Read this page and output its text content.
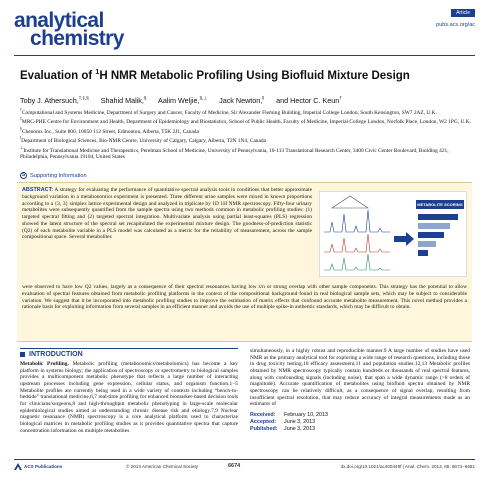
analytical
chemistry
Article
pubs.acs.org/ac
Evaluation of $^1$H NMR Metabolic Profiling Using Biofluid Mixture Design
Toby J. Athersuch,†,‡,§ Shahid Malik,§ Aalim Weljie,§,⊥ Jack Newton,‖ and Hector C. Keun†
†Computational and Systems Medicine, Department of Surgery and Cancer, Faculty of Medicine, Sir Alexander Fleming Building, Imperial College London, South Kensington, SW7 2AZ, U.K.
‡MRC-PHE Centre for Environment and Health, Department of Epidemiology and Biostatistics, School of Public Health, Faculty of Medicine, Imperial College London, Norfolk Place, London, W2 1PG, U.K.
§Chenomx Inc., Suite 800, 10050 112 Street, Edmonton, Alberta, T5K 2J1, Canada
‖Department of Biological Sciences, Bio-NMR Centre, University of Calgary, Calgary, Alberta, T2N 1N4, Canada
⊥Institute for Translational Medicine and Therapeutics, Perelman School of Medicine, University of Pennsylvania, 10-113 Translational Research Center, 3400 Civic Center Boulevard, Building 421, Philadelphia, Pennsylvania 19104, United States
S Supporting Information
ABSTRACT: A strategy for evaluating the performance of quantitative spectral analysis tools in conditions that better approximate background variation in a metabonomics experiment is presented. Three different urine samples were mixed in known proportions according to a {3, 3} simplex lattice experimental design and analyzed in triplicate by 1D 1H NMR spectroscopy. Fifty-four urinary metabolites were subsequently quantified from the sample spectra using two methods common in metabolic profiling studies: (1) targeted spectral fitting and (2) targeted spectral integration. Multivariate analysis using partial least-squares (PLS) regression showed the latent structure of the spectral set recapitulated the experimental mixture design. The goodness-of-prediction statistic (Q2) of each metabolite variable in a PLS model was calculated as a metric for the reliability of measurement, across the sample compositional space. Several metabolites
METABOLITE SCORING
were observed to have low Q2 values, largely as a consequence of their spectral resonances having low s/n or strong overlap with other sample components. This strategy has the potential to allow evaluation of spectral features obtained from metabolic profiling platforms in the context of the compositional background found in real biological sample sets, which may be subject to considerable variation. We suggest that it be incorporated into metabolic profiling studies to improve the estimation of matrix effects that confound accurate metabolite measurement. This novel method provides a rationale basis for exploiting information from several samples in an efficient manner and avoids the use of multiple spike-in authentic standards, which may be difficult to obtain.
INTRODUCTION
Metabolic Profiling. Metabolic profiling (metabonomics/metabolomics) has become a key platform in systems biology; the application of spectroscopy or spectrometry to biological samples provides a multicomponent metabolic phenotype that reflects a large number of interacting upstream processes including gene expression, cellular status, and organism function.1−5 Metabolite profiles are currently being used in a wide variety of contexts including “bench-to-bedside” translational medicine,6,7 real-time profiling for enhanced biomarker-based decision tools for clinicians/surgeons,8 and high-throughput metabolic phenotyping in large-scale molecular epidemiological studies aimed at understanding chronic disease risk and etiology.7,9 Nuclear magnetic resonance (NMR) spectroscopy is a core analytical platform used to characterize biological matrices in metabolic profiling studies as it provides quantitative spectra that capture concentration information on multiple metabolites
simultaneously, in a highly robust and reproducible manner.9 A large number of studies have used NMR as the primary analytical tool for exploring a wide range of research questions, including those in drug toxicity testing,10 efficacy assessment,11 and population studies.12,13 Metabolic profiles obtained by NMR spectroscopy typically contain hundreds or thousands of real spectral features, along with confounding signals (including noise), that span a wide dynamic range (>8 orders of magnitude). Accurate quantification of metabolites using biofluid spectra obtained by NMR spectroscopy can be relatively difficult, as a consequence of signal overlap, resulting from insufficient spectral resolution, that may reduce accuracy of integral measurements made as an estimator of
Received: February 10, 2013
Accepted: June 3, 2013
Published: June 3, 2013
ACS Publications	© 2013 American Chemical Society	6674	dx.doi.org/10.1021/ac400449f | Anal. Chem. 2013, 85, 6674−6681
